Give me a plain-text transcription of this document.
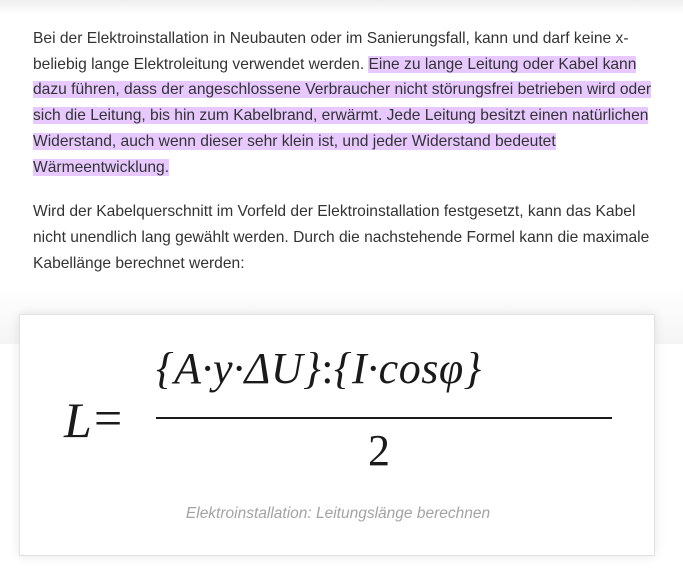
Bei der Elektroinstallation in Neubauten oder im Sanierungsfall, kann und darf keine x-beliebig lange Elektroleitung verwendet werden. Eine zu lange Leitung oder Kabel kann dazu führen, dass der angeschlossene Verbraucher nicht störungsfrei betrieben wird oder sich die Leitung, bis hin zum Kabelbrand, erwärmt. Jede Leitung besitzt einen natürlichen Widerstand, auch wenn dieser sehr klein ist, und jeder Widerstand bedeutet Wärmeentwicklung.

Wird der Kabelquerschnitt im Vorfeld der Elektroinstallation festgesetzt, kann das Kabel nicht unendlich lang gewählt werden. Durch die nachstehende Formel kann die maximale Kabellänge berechnet werden:

L =
{A·y·ΔU}:{I·cosφ}
2
Elektroinstallation: Leitungslänge berechnen
